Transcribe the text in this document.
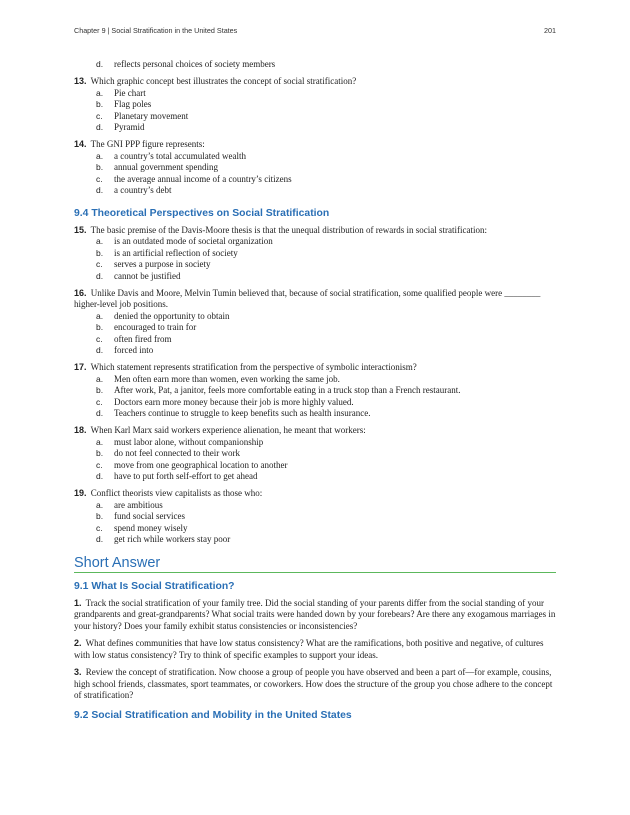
Chapter 9 | Social Stratification in the United States	201
d. reflects personal choices of society members
13. Which graphic concept best illustrates the concept of social stratification?
a. Pie chart
b. Flag poles
c. Planetary movement
d. Pyramid
14. The GNI PPP figure represents:
a. a country’s total accumulated wealth
b. annual government spending
c. the average annual income of a country’s citizens
d. a country’s debt
9.4 Theoretical Perspectives on Social Stratification
15. The basic premise of the Davis-Moore thesis is that the unequal distribution of rewards in social stratification:
a. is an outdated mode of societal organization
b. is an artificial reflection of society
c. serves a purpose in society
d. cannot be justified
16. Unlike Davis and Moore, Melvin Tumin believed that, because of social stratification, some qualified people were ________ higher-level job positions.
a. denied the opportunity to obtain
b. encouraged to train for
c. often fired from
d. forced into
17. Which statement represents stratification from the perspective of symbolic interactionism?
a. Men often earn more than women, even working the same job.
b. After work, Pat, a janitor, feels more comfortable eating in a truck stop than a French restaurant.
c. Doctors earn more money because their job is more highly valued.
d. Teachers continue to struggle to keep benefits such as health insurance.
18. When Karl Marx said workers experience alienation, he meant that workers:
a. must labor alone, without companionship
b. do not feel connected to their work
c. move from one geographical location to another
d. have to put forth self-effort to get ahead
19. Conflict theorists view capitalists as those who:
a. are ambitious
b. fund social services
c. spend money wisely
d. get rich while workers stay poor
Short Answer
9.1 What Is Social Stratification?
1. Track the social stratification of your family tree. Did the social standing of your parents differ from the social standing of your grandparents and great-grandparents? What social traits were handed down by your forebears? Are there any exogamous marriages in your history? Does your family exhibit status consistencies or inconsistencies?
2. What defines communities that have low status consistency? What are the ramifications, both positive and negative, of cultures with low status consistency? Try to think of specific examples to support your ideas.
3. Review the concept of stratification. Now choose a group of people you have observed and been a part of—for example, cousins, high school friends, classmates, sport teammates, or coworkers. How does the structure of the group you chose adhere to the concept of stratification?
9.2 Social Stratification and Mobility in the United States
